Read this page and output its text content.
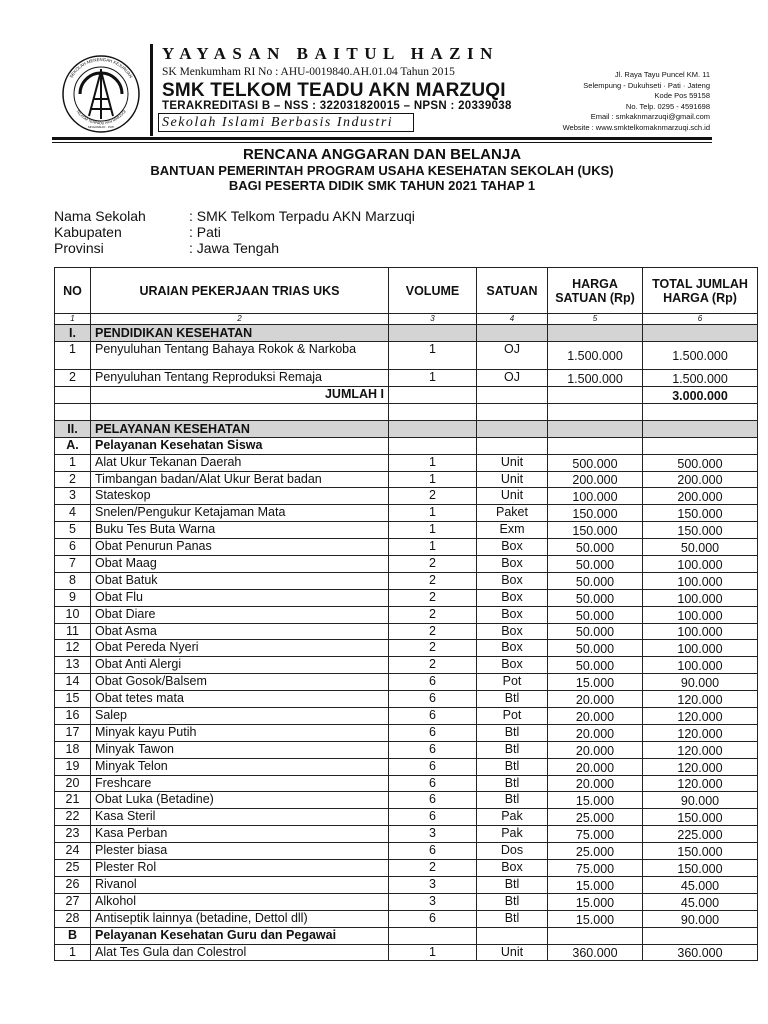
SEKOLAH MENENGAH KEJURUAN
TELKOM TERPADU AKN MARZUQI
SINGOREJO · PATI
YAYASAN BAITUL HAZIN
SK Menkumham RI No : AHU-0019840.AH.01.04 Tahun 2015
SMK TELKOM TEADU AKN MARZUQI
TERAKREDITASI B – NSS : 322031820015 – NPSN : 20339038
Sekolah Islami Berbasis Industri
Jl. Raya Tayu Puncel KM. 11
Selempung - Dukuhseti · Pati · Jateng
Kode Pos 59158
No. Telp. 0295 - 4591698
Email : smkaknmarzuqi@gmail.com
Website : www.smktelkomaknmarzuqi.sch.id
RENCANA ANGGARAN DAN BELANJA
BANTUAN PEMERINTAH PROGRAM USAHA KESEHATAN SEKOLAH (UKS)
BAGI PESERTA DIDIK SMK TAHUN 2021 TAHAP 1
Nama Sekolah	: SMK Telkom Terpadu AKN Marzuqi
Kabupaten	: Pati
Provinsi	: Jawa Tengah
NO	URAIAN PEKERJAAN TRIAS UKS	VOLUME	SATUAN	HARGA SATUAN (Rp)	TOTAL JUMLAH HARGA (Rp)
1	2	3	4	5	6
I.	PENDIDIKAN KESEHATAN				
1	Penyuluhan Tentang Bahaya Rokok & Narkoba	1	OJ	1.500.000	1.500.000
2	Penyuluhan Tentang Reproduksi Remaja	1	OJ	1.500.000	1.500.000
	JUMLAH I				3.000.000

II.	PELAYANAN KESEHATAN				
A.	Pelayanan Kesehatan Siswa				
1	Alat Ukur Tekanan Daerah	1	Unit	500.000	500.000
2	Timbangan badan/Alat Ukur Berat badan	1	Unit	200.000	200.000
3	Stateskop	2	Unit	100.000	200.000
4	Snelen/Pengukur Ketajaman Mata	1	Paket	150.000	150.000
5	Buku Tes Buta Warna	1	Exm	150.000	150.000
6	Obat Penurun Panas	1	Box	50.000	50.000
7	Obat Maag	2	Box	50.000	100.000
8	Obat Batuk	2	Box	50.000	100.000
9	Obat Flu	2	Box	50.000	100.000
10	Obat Diare	2	Box	50.000	100.000
11	Obat Asma	2	Box	50.000	100.000
12	Obat Pereda Nyeri	2	Box	50.000	100.000
13	Obat Anti Alergi	2	Box	50.000	100.000
14	Obat Gosok/Balsem	6	Pot	15.000	90.000
15	Obat tetes mata	6	Btl	20.000	120.000
16	Salep	6	Pot	20.000	120.000
17	Minyak kayu Putih	6	Btl	20.000	120.000
18	Minyak Tawon	6	Btl	20.000	120.000
19	Minyak Telon	6	Btl	20.000	120.000
20	Freshcare	6	Btl	20.000	120.000
21	Obat Luka (Betadine)	6	Btl	15.000	90.000
22	Kasa Steril	6	Pak	25.000	150.000
23	Kasa Perban	3	Pak	75.000	225.000
24	Plester biasa	6	Dos	25.000	150.000
25	Plester Rol	2	Box	75.000	150.000
26	Rivanol	3	Btl	15.000	45.000
27	Alkohol	3	Btl	15.000	45.000
28	Antiseptik lainnya (betadine, Dettol dll)	6	Btl	15.000	90.000
B	Pelayanan Kesehatan Guru dan Pegawai				
1	Alat Tes Gula dan Colestrol	1	Unit	360.000	360.000
